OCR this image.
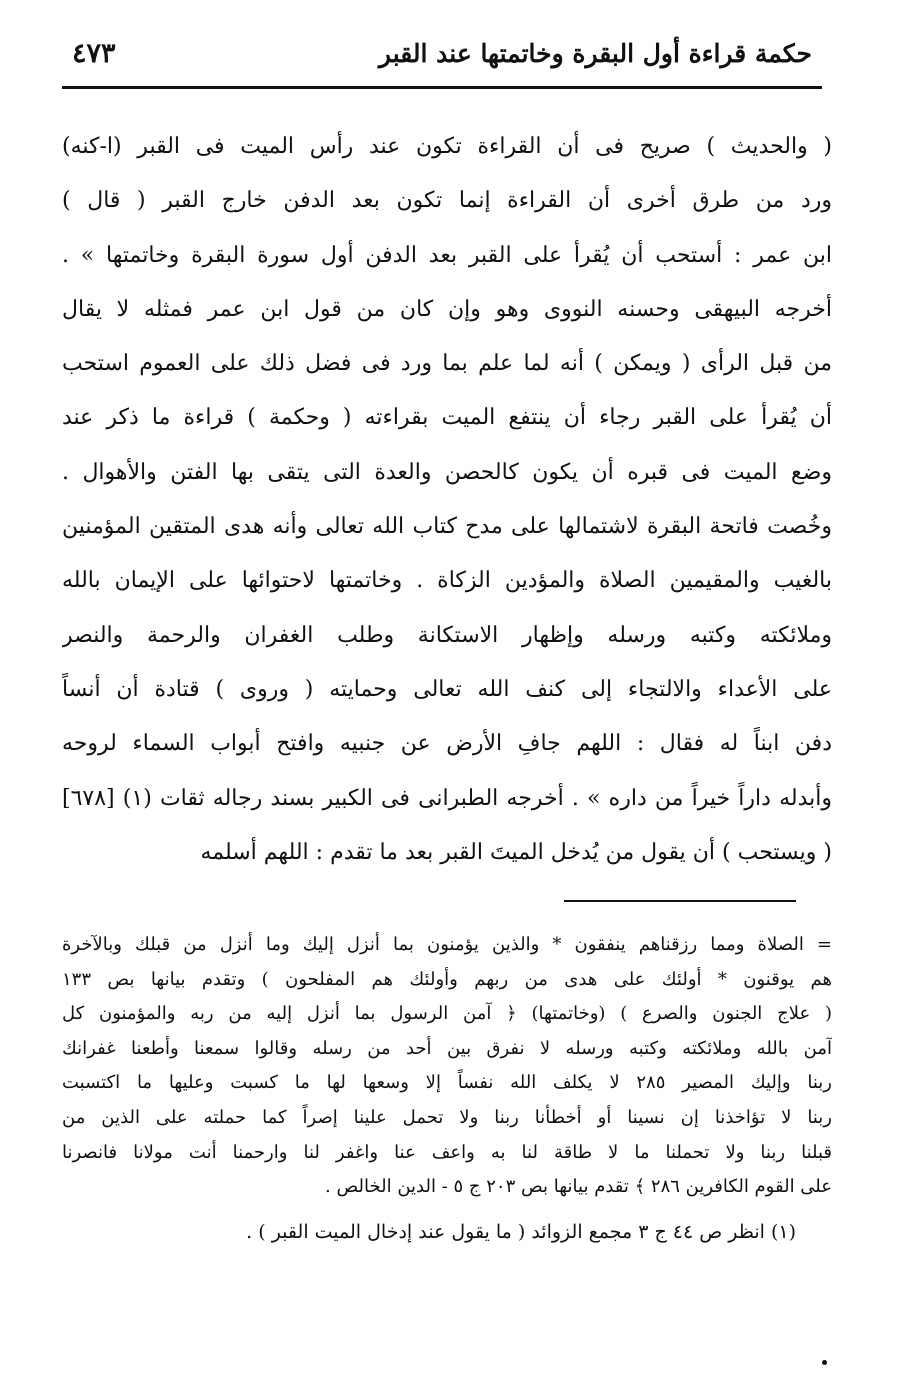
حكمة قراءة أول البقرة وخاتمتها عند القبر
٤٧٣
( والحديث ) صريح فى أن القراءة تكون عند رأس الميت فى القبر (ا-كنه)
ورد من طرق أخرى أن القراءة إنما تكون بعد الدفن خارج القبر ( قال )
ابن عمر : أستحب أن يُقرأ على القبر بعد الدفن أول سورة البقرة وخاتمتها » .
أخرجه البيهقى وحسنه النووى وهو وإن كان من قول ابن عمر فمثله لا يقال
من قبل الرأى ( ويمكن ) أنه لما علم بما ورد فى فضل ذلك على العموم استحب
أن يُقرأ على القبر رجاء أن ينتفع الميت بقراءته ( وحكمة ) قراءة ما ذكر عند
وضع الميت فى قبره أن يكون كالحصن والعدة التى يتقى بها الفتن والأهوال .
وخُصت فاتحة البقرة لاشتمالها على مدح كتاب الله تعالى وأنه هدى المتقين المؤمنين
بالغيب والمقيمين الصلاة والمؤدين الزكاة . وخاتمتها لاحتوائها على الإيمان بالله
وملائكته وكتبه ورسله وإظهار الاستكانة وطلب الغفران والرحمة والنصر
على الأعداء والالتجاء إلى كنف الله تعالى وحمايته ( وروى ) قتادة أن أنساً
دفن ابناً له فقال : اللهم جافِ الأرض عن جنبيه وافتح أبواب السماء لروحه
وأبدله داراً خيراً من داره » . أخرجه الطبرانى فى الكبير بسند رجاله ثقات (١) [٦٧٨]
( ويستحب ) أن يقول من يُدخل الميتَ القبر بعد ما تقدم : اللهم أسلمه
= الصلاة ومما رزقناهم ينفقون * والذين يؤمنون بما أنزل إليك وما أنزل من قبلك وبالآخرة
هم يوقنون * أولئك على هدى من ربهم وأولئك هم المفلحون ) وتقدم بيانها بص ١٣٣
( علاج الجنون والصرع ) (وخاتمتها) ﴿ آمن الرسول بما أنزل إليه من ربه والمؤمنون كل
آمن بالله وملائكته وكتبه ورسله لا نفرق بين أحد من رسله وقالوا سمعنا وأطعنا غفرانك
ربنا وإليك المصير ٢٨٥ لا يكلف الله نفساً إلا وسعها لها ما كسبت وعليها ما اكتسبت
ربنا لا تؤاخذنا إن نسينا أو أخطأنا ربنا ولا تحمل علينا إصراً كما حملته على الذين من
قبلنا ربنا ولا تحملنا ما لا طاقة لنا به واعف عنا واغفر لنا وارحمنا أنت مولانا فانصرنا
على القوم الكافرين ٢٨٦ ﴾ تقدم بيانها بص ٢٠٣ ج ٥ - الدين الخالص .
(١) انظر ص ٤٤ ج ٣ مجمع الزوائد ( ما يقول عند إدخال الميت القبر ) .
